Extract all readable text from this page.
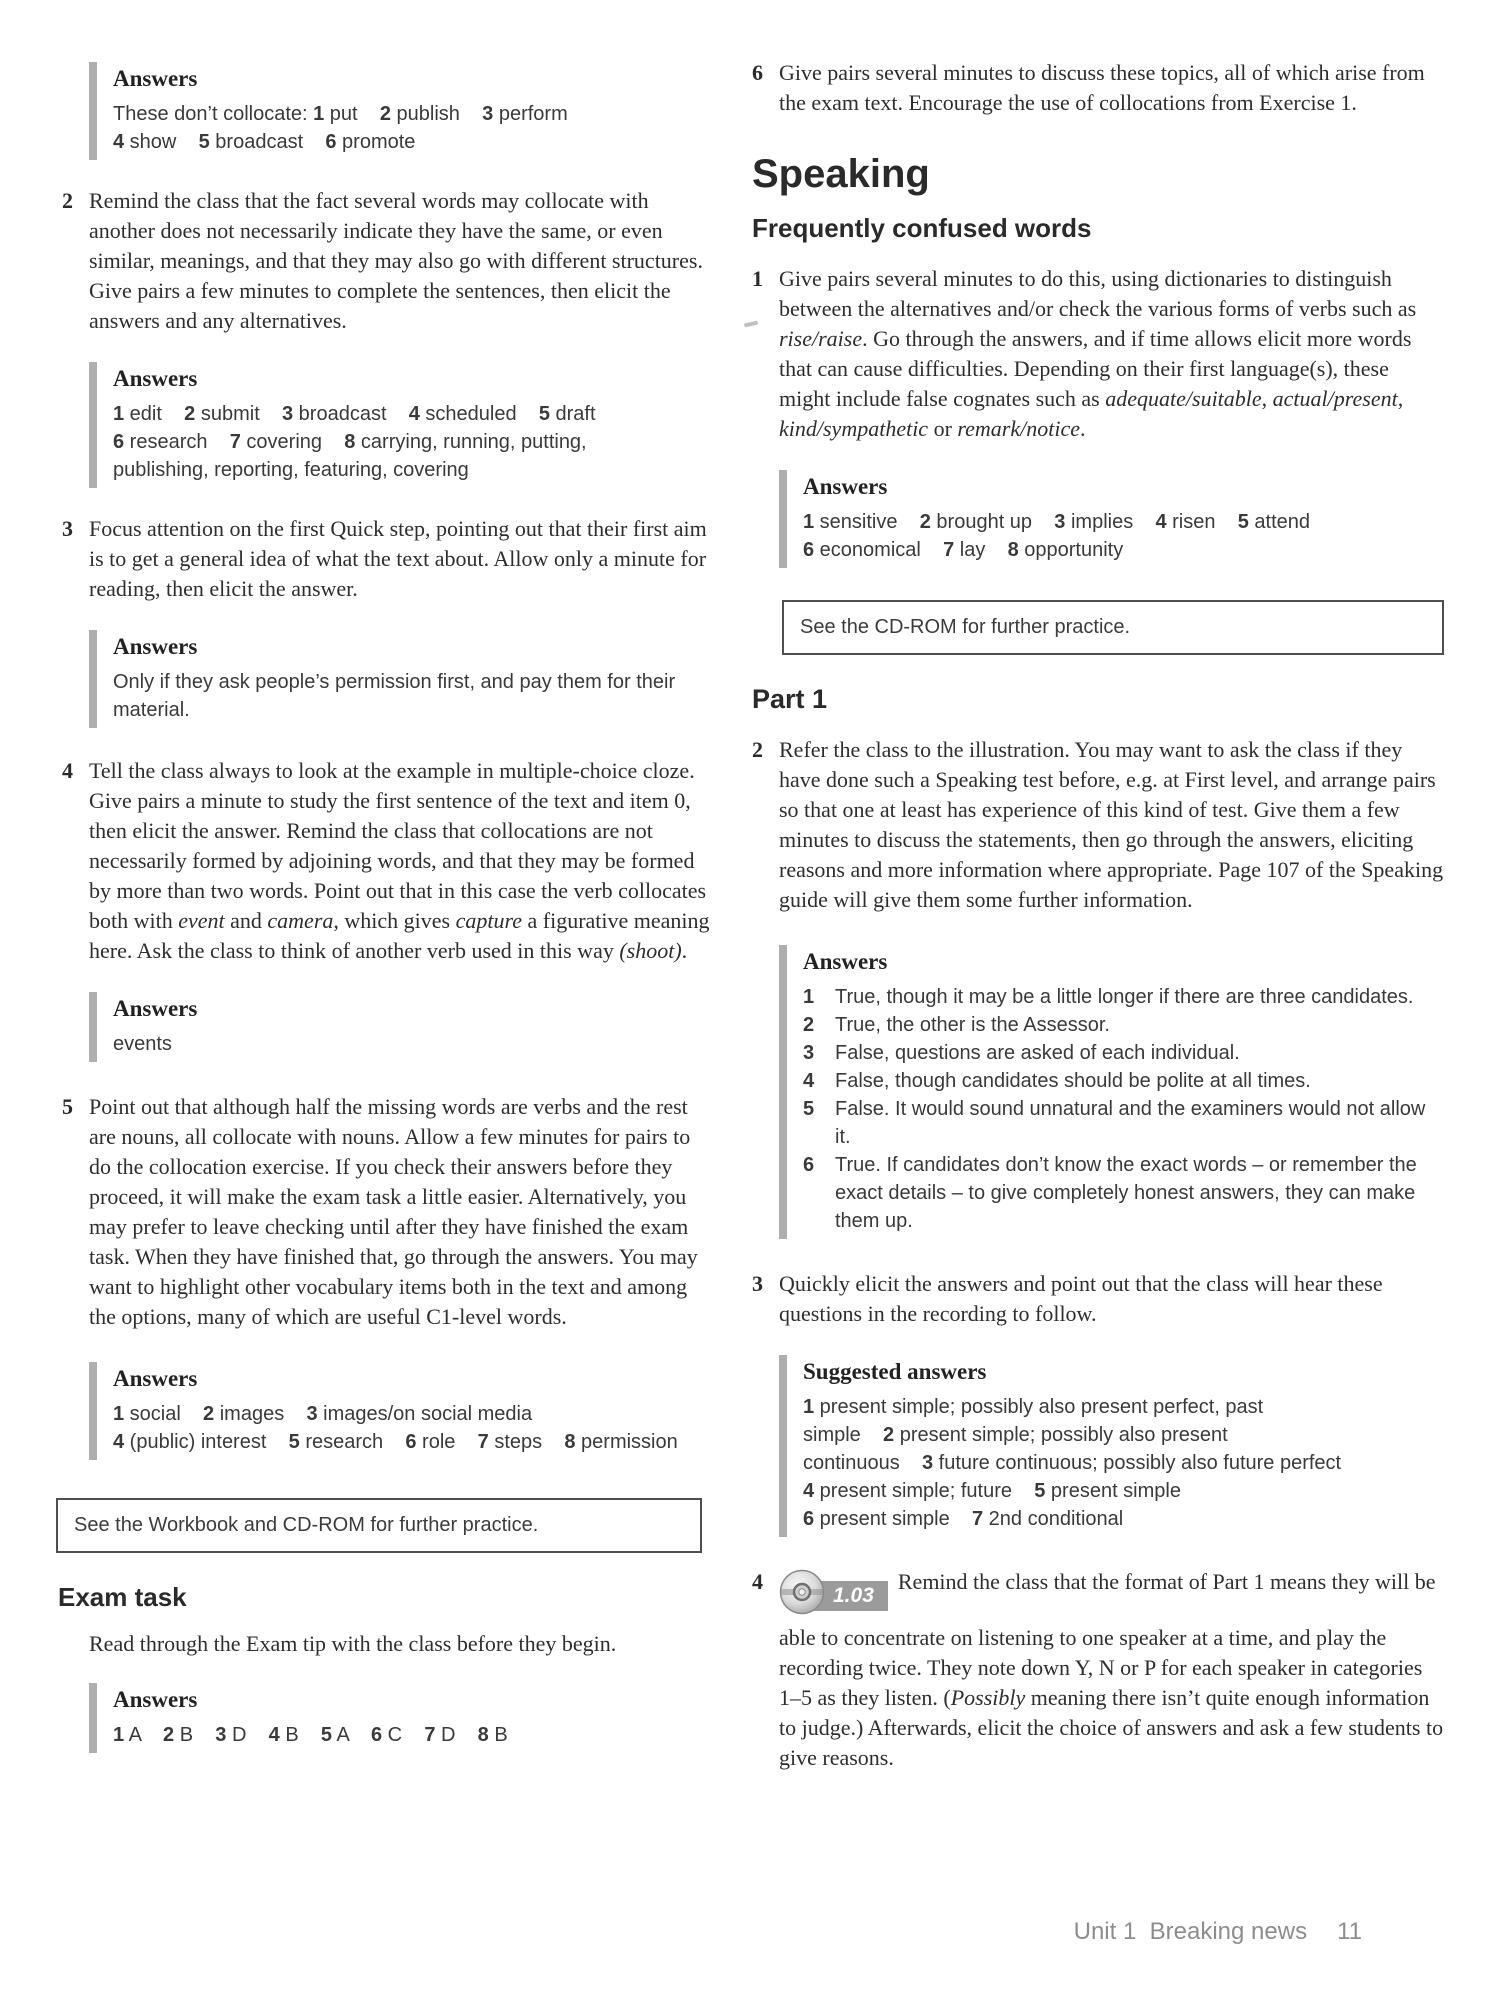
Answers
These don’t collocate: 1 put    2 publish    3 perform
4 show    5 broadcast    6 promote
2 Remind the class that the fact several words may collocate with another does not necessarily indicate they have the same, or even similar, meanings, and that they may also go with different structures. Give pairs a few minutes to complete the sentences, then elicit the answers and any alternatives.

Answers
1 edit    2 submit    3 broadcast    4 scheduled    5 draft
6 research    7 covering    8 carrying, running, putting,
publishing, reporting, featuring, covering
3 Focus attention on the first Quick step, pointing out that their first aim is to get a general idea of what the text about. Allow only a minute for reading, then elicit the answer.

Answers
Only if they ask people’s permission first, and pay them for their material.
4 Tell the class always to look at the example in multiple-choice cloze. Give pairs a minute to study the first sentence of the text and item 0, then elicit the answer. Remind the class that collocations are not necessarily formed by adjoining words, and that they may be formed by more than two words. Point out that in this case the verb collocates both with event and camera, which gives capture a figurative meaning here. Ask the class to think of another verb used in this way (shoot).

Answers
events
5 Point out that although half the missing words are verbs and the rest are nouns, all collocate with nouns. Allow a few minutes for pairs to do the collocation exercise. If you check their answers before they proceed, it will make the exam task a little easier. Alternatively, you may prefer to leave checking until after they have finished the exam task. When they have finished that, go through the answers. You may want to highlight other vocabulary items both in the text and among the options, many of which are useful C1-level words.

Answers
1 social    2 images    3 images/on social media
4 (public) interest    5 research    6 role    7 steps    8 permission
See the Workbook and CD-ROM for further practice.
Exam task

Read through the Exam tip with the class before they begin.

Answers
1 A    2 B    3 D    4 B    5 A    6 C    7 D    8 B
6 Give pairs several minutes to discuss these topics, all of which arise from the exam text. Encourage the use of collocations from Exercise 1.

Speaking
Frequently confused words
1 Give pairs several minutes to do this, using dictionaries to distinguish between the alternatives and/or check the various forms of verbs such as rise/raise. Go through the answers, and if time allows elicit more words that can cause difficulties. Depending on their first language(s), these might include false cognates such as adequate/suitable, actual/present, kind/sympathetic or remark/notice.

Answers
1 sensitive    2 brought up    3 implies    4 risen    5 attend
6 economical    7 lay    8 opportunity
See the CD-ROM for further practice.
Part 1
2 Refer the class to the illustration. You may want to ask the class if they have done such a Speaking test before, e.g. at First level, and arrange pairs so that one at least has experience of this kind of test. Give them a few minutes to discuss the statements, then go through the answers, eliciting reasons and more information where appropriate. Page 107 of the Speaking guide will give them some further information.

Answers
1 True, though it may be a little longer if there are three candidates.
2 True, the other is the Assessor.
3 False, questions are asked of each individual.
4 False, though candidates should be polite at all times.
5 False. It would sound unnatural and the examiners would not allow it.
6 True. If candidates don’t know the exact words – or remember the exact details – to give completely honest answers, they can make them up.
3 Quickly elicit the answers and point out that the class will hear these questions in the recording to follow.

Suggested answers
1 present simple; possibly also present perfect, past
simple    2 present simple; possibly also present
continuous    3 future continuous; possibly also future perfect
4 present simple; future    5 present simple
6 present simple    7 2nd conditional
4

1.03Remind the class that the format of Part 1 means they will be able to concentrate on listening to one speaker at a time, and play the recording twice. They note down Y, N or P for each speaker in categories 1–5 as they listen. (Possibly meaning there isn’t quite enough information to judge.) Afterwards, elicit the choice of answers and ask a few students to give reasons.

Unit 1 Breaking news 11
